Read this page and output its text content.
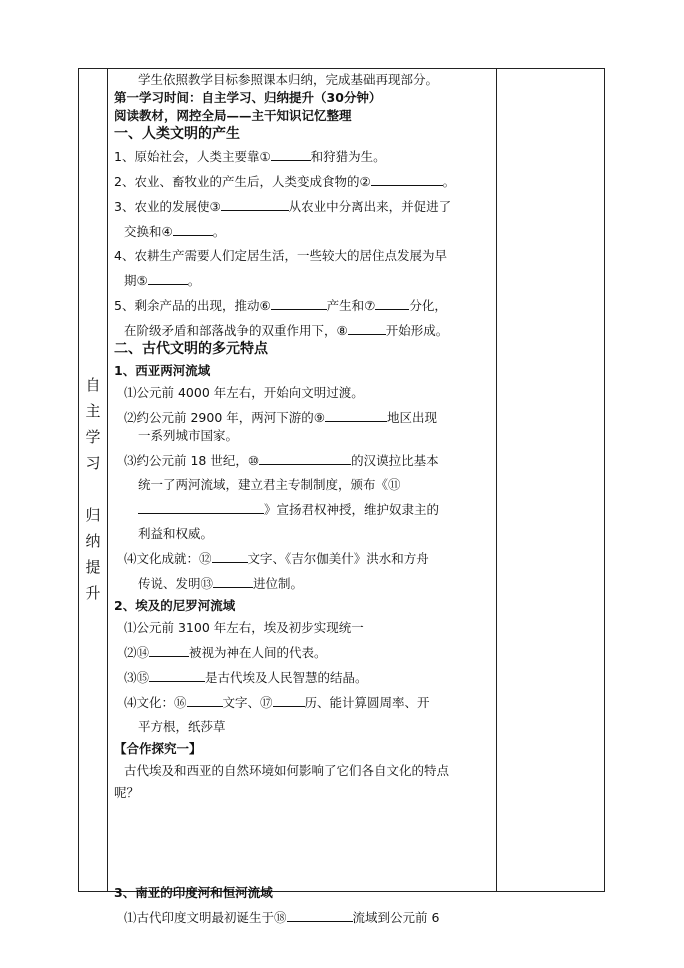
自
主
学
习
归
纳
提
升

学生依照教学目标参照课本归纳，完成基础再现部分。

第一学习时间：自主学习、归纳提升（30分钟）

阅读教材，网控全局——主干知识记忆整理

一、人类文明的产生

1、原始社会，人类主要靠①	和狩猎为生。

2、农业、畜牧业的产生后，人类变成食物的②	。

3、农业的发展使③	从农业中分离出来，并促进了

交换和④	。

4、农耕生产需要人们定居生活，一些较大的居住点发展为早

期⑤	。

5、剩余产品的出现，推动⑥	产生和⑦	分化，

在阶级矛盾和部落战争的双重作用下，⑧	开始形成。

二、古代文明的多元特点

1、西亚两河流域

⑴公元前 4000 年左右，开始向文明过渡。

⑵约公元前 2900 年，两河下游的⑨	地区出现

一系列城市国家。

⑶约公元前 18 世纪，⑩	的汉谟拉比基本

统一了两河流域，建立君主专制制度，颁布《⑪

》宣扬君权神授，维护奴隶主的

利益和权威。

⑷文化成就：⑫	文字、《吉尔伽美什》洪水和方舟

传说、发明⑬	进位制。

2、埃及的尼罗河流域

⑴公元前 3100 年左右，埃及初步实现统一

⑵⑭	被视为神在人间的代表。

⑶⑮	是古代埃及人民智慧的结晶。

⑷文化：⑯	文字、⑰	历、能计算圆周率、开

平方根，纸莎草

【合作探究一】

古代埃及和西亚的自然环境如何影响了它们各自文化的特点

呢？

3、南亚的印度河和恒河流域

⑴古代印度文明最初诞生于⑱	流域到公元前 6
